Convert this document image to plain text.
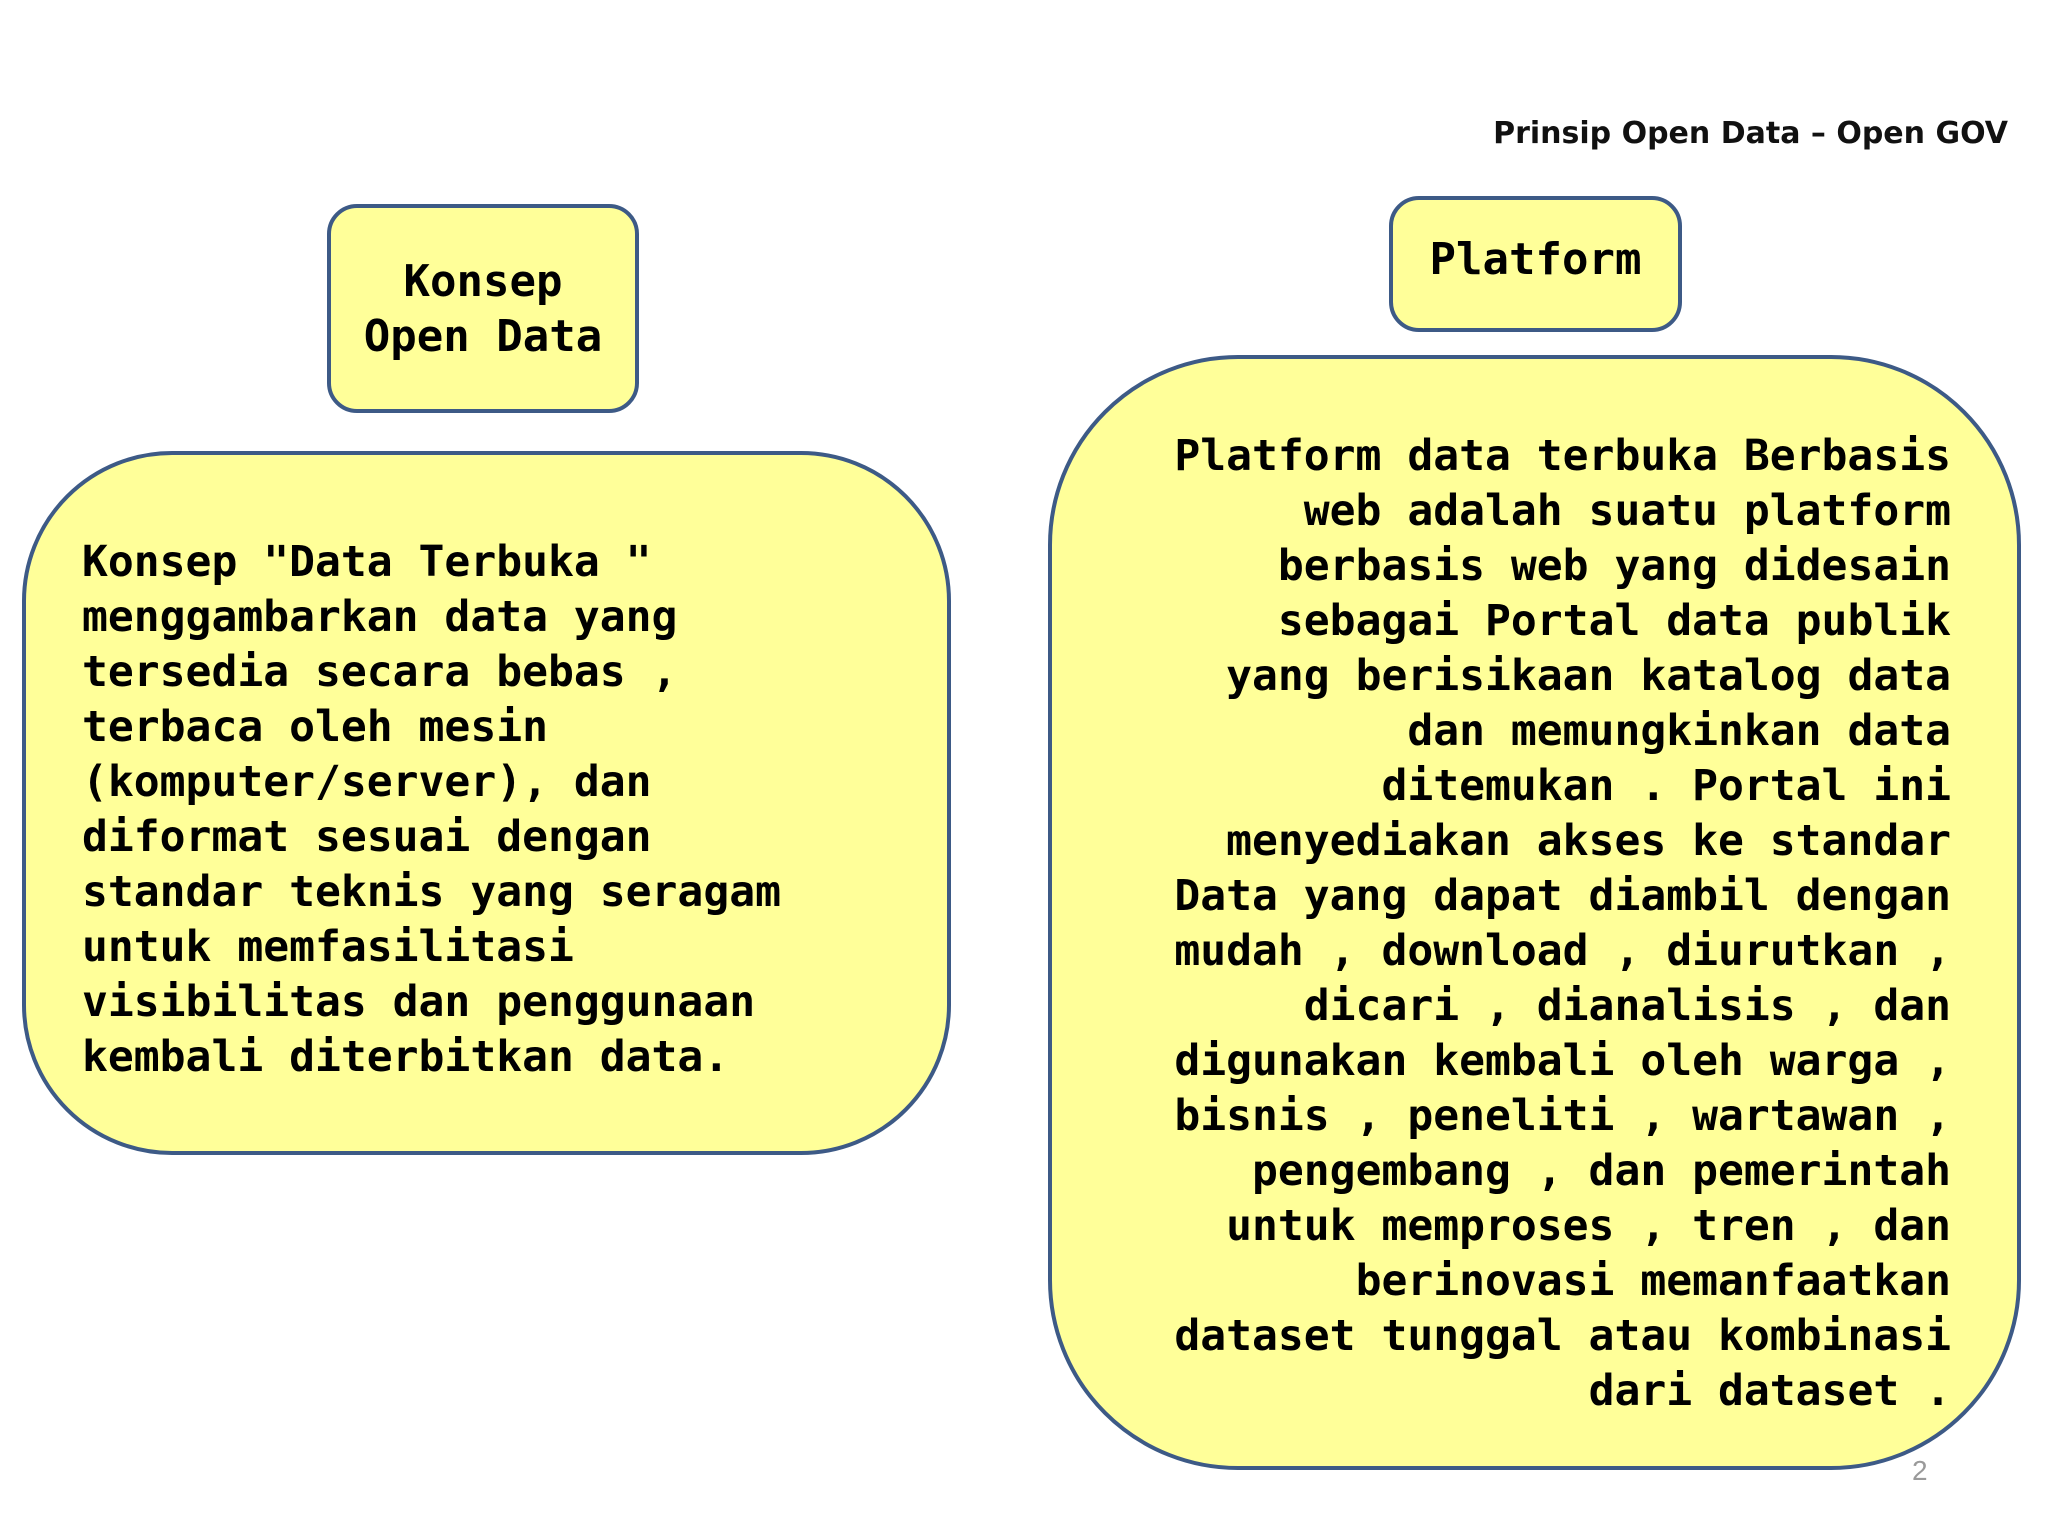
Prinsip Open Data – Open GOV
Konsep
Open Data
Konsep "Data Terbuka "
menggambarkan data yang
tersedia secara bebas ,
terbaca oleh mesin
(komputer/server), dan
diformat sesuai dengan
standar teknis yang seragam
untuk memfasilitasi
visibilitas dan penggunaan
kembali diterbitkan data.
Platform
Platform data terbuka Berbasis
web adalah suatu platform
berbasis web yang didesain
sebagai Portal data publik
yang berisikaan katalog data
dan memungkinkan data
ditemukan . Portal ini
menyediakan akses ke standar
Data yang dapat diambil dengan
mudah , download , diurutkan ,
dicari , dianalisis , dan
digunakan kembali oleh warga ,
bisnis , peneliti , wartawan ,
pengembang , dan pemerintah
untuk memproses , tren , dan
berinovasi memanfaatkan
dataset tunggal atau kombinasi
dari dataset .
2
